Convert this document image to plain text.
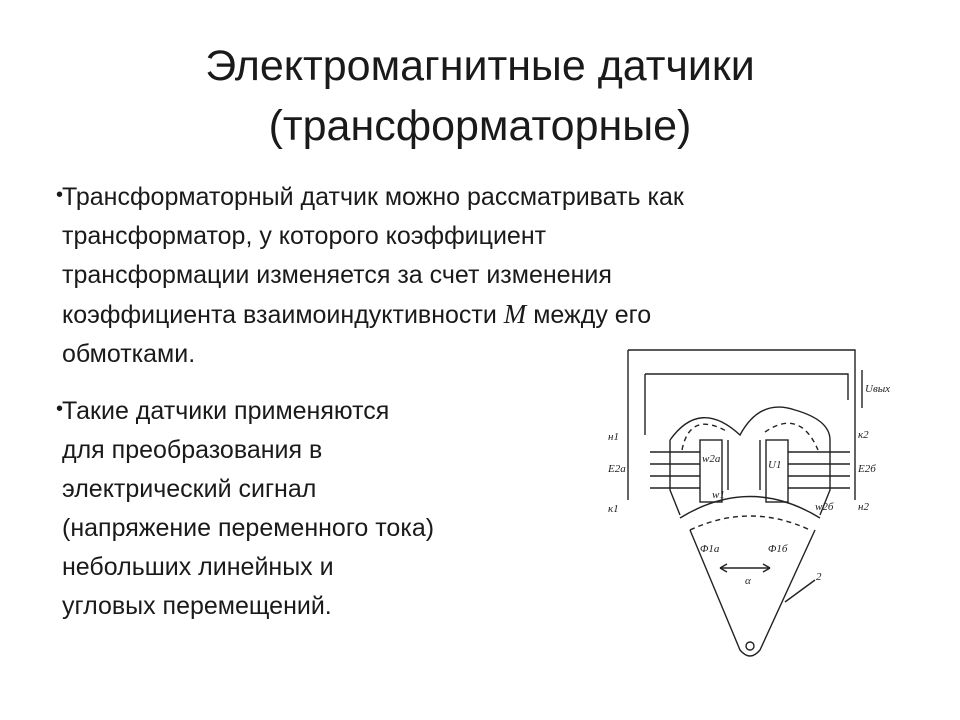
Электромагнитные датчики
(трансформаторные)
•
Трансформаторный датчик можно рассматривать как
трансформатор, у которого коэффициент
трансформации изменяется за счет изменения
коэффициента взаимоиндуктивности M между его
обмотками.
•
Такие датчики применяются
для преобразования в
электрический сигнал
(напряжение переменного тока)
небольших линейных и
угловых перемещений.
Uвых
н1
E2а
к1
к2
E2б
н2
w2а
w2б
w1
U1
Φ1а	Φ1б
α	2
